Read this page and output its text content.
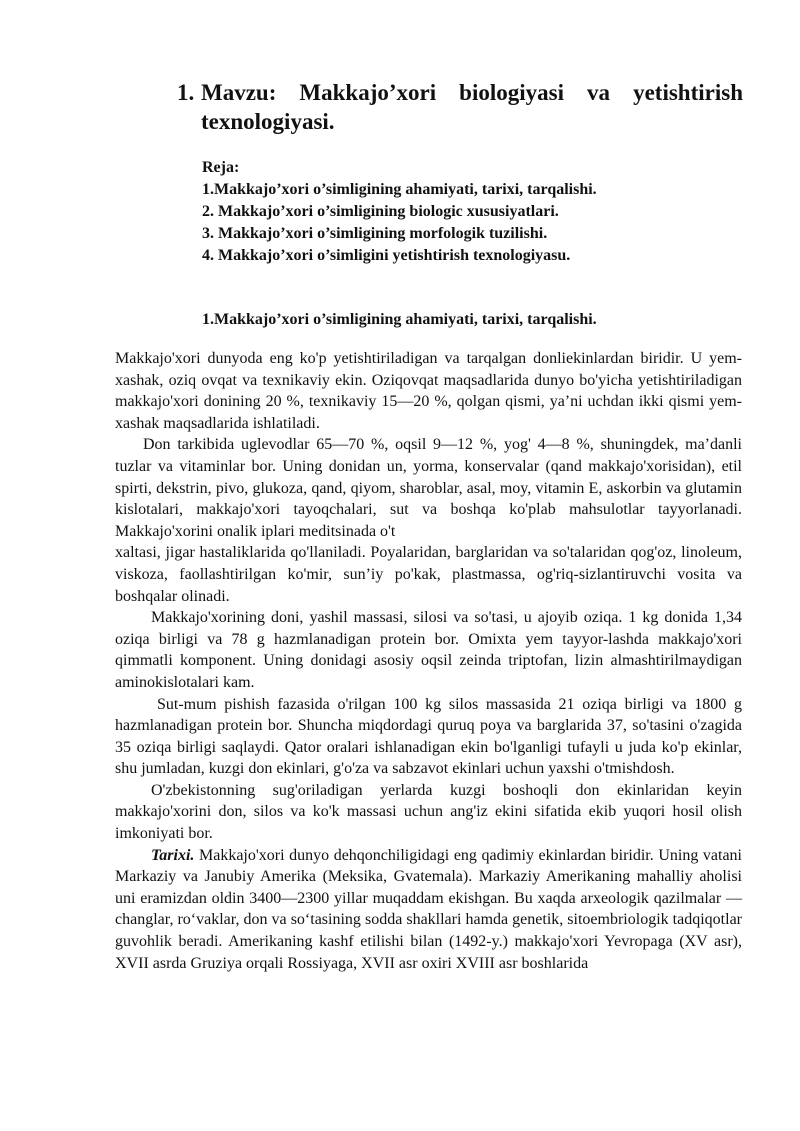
1. Mavzu: Makkajo’xori biologiyasi va yetishtirish texnologiyasi.

Reja:

1.Makkajo’xori o’simligining ahamiyati, tarixi, tarqalishi.

2. Makkajo’xori o’simligining biologic xususiyatlari.

3. Makkajo’xori o’simligining morfologik tuzilishi.

4. Makkajo’xori o’simligini yetishtirish texnologiyasu.

1.Makkajo’xori o’simligining ahamiyati, tarixi, tarqalishi.

Makkajo'xori dunyoda eng ko'p yetishtiriladigan va tarqalgan donliekinlardan biridir. U yem-xashak, oziq ovqat va texnikaviy ekin. Oziqovqat maqsadlarida dunyo bo'yicha yetishtiriladigan makkajo'xori donining 20 %, texnikaviy 15—20 %, qolgan qismi, ya’ni uchdan ikki qismi yem-xashak maqsadlarida ishlatiladi.

Don tarkibida uglevodlar 65—70 %, oqsil 9—12 %, yog' 4—8 %, shuningdek, ma’danli tuzlar va vitaminlar bor. Uning donidan un, yorma, konservalar (qand makkajo'xorisidan), etil spirti, dekstrin, pivo, glukoza, qand, qiyom, sharoblar, asal, moy, vitamin E, askorbin va glutamin kislotalari, makkajo'xori tayoqchalari, sut va boshqa ko'plab mahsulotlar tayyorlanadi. Makkajo'xorini onalik iplari meditsinada o't

xaltasi, jigar hastaliklarida qo'llaniladi. Poyalaridan, barglaridan va so'talaridan qog'oz, linoleum, viskoza, faollashtirilgan ko'mir, sun’iy po'kak, plastmassa, og'riq-sizlantiruvchi vosita va boshqalar olinadi.

Makkajo'xorining doni, yashil massasi, silosi va so'tasi, u ajoyib oziqa. 1 kg donida 1,34 oziqa birligi va 78 g hazmlanadigan protein bor. Omixta yem tayyor-lashda makkajo'xori qimmatli komponent. Uning donidagi asosiy oqsil zeinda triptofan, lizin almashtirilmaydigan aminokislotalari kam.

Sut-mum pishish fazasida o'rilgan 100 kg silos massasida 21 oziqa birligi va 1800 g hazmlanadigan protein bor. Shuncha miqdordagi quruq poya va barglarida 37, so'tasini o'zagida 35 oziqa birligi saqlaydi. Qator oralari ishlanadigan ekin bo'lganligi tufayli u juda ko'p ekinlar, shu jumladan, kuzgi don ekinlari, g'o'za va sabzavot ekinlari uchun yaxshi o'tmishdosh.

O'zbekistonning sug'oriladigan yerlarda kuzgi boshoqli don ekinlaridan keyin makkajo'xorini don, silos va ko'k massasi uchun ang'iz ekini sifatida ekib yuqori hosil olish imkoniyati bor.

Tarixi. Makkajo'xori dunyo dehqonchiligidagi eng qadimiy ekinlardan biridir. Uning vatani Markaziy va Janubiy Amerika (Meksika, Gvatemala). Markaziy Amerikaning mahalliy aholisi uni eramizdan oldin 3400—2300 yillar muqaddam ekishgan. Bu xaqda arxeologik qazilmalar — changlar, ro‘vaklar, don va so‘tasining sodda shakllari hamda genetik, sitoembriologik tadqiqotlar guvohlik beradi. Amerikaning kashf etilishi bilan (1492-y.) makkajo'xori Yevropaga (XV asr), XVII asrda Gruziya orqali Rossiyaga, XVII asr oxiri XVIII asr boshlarida
